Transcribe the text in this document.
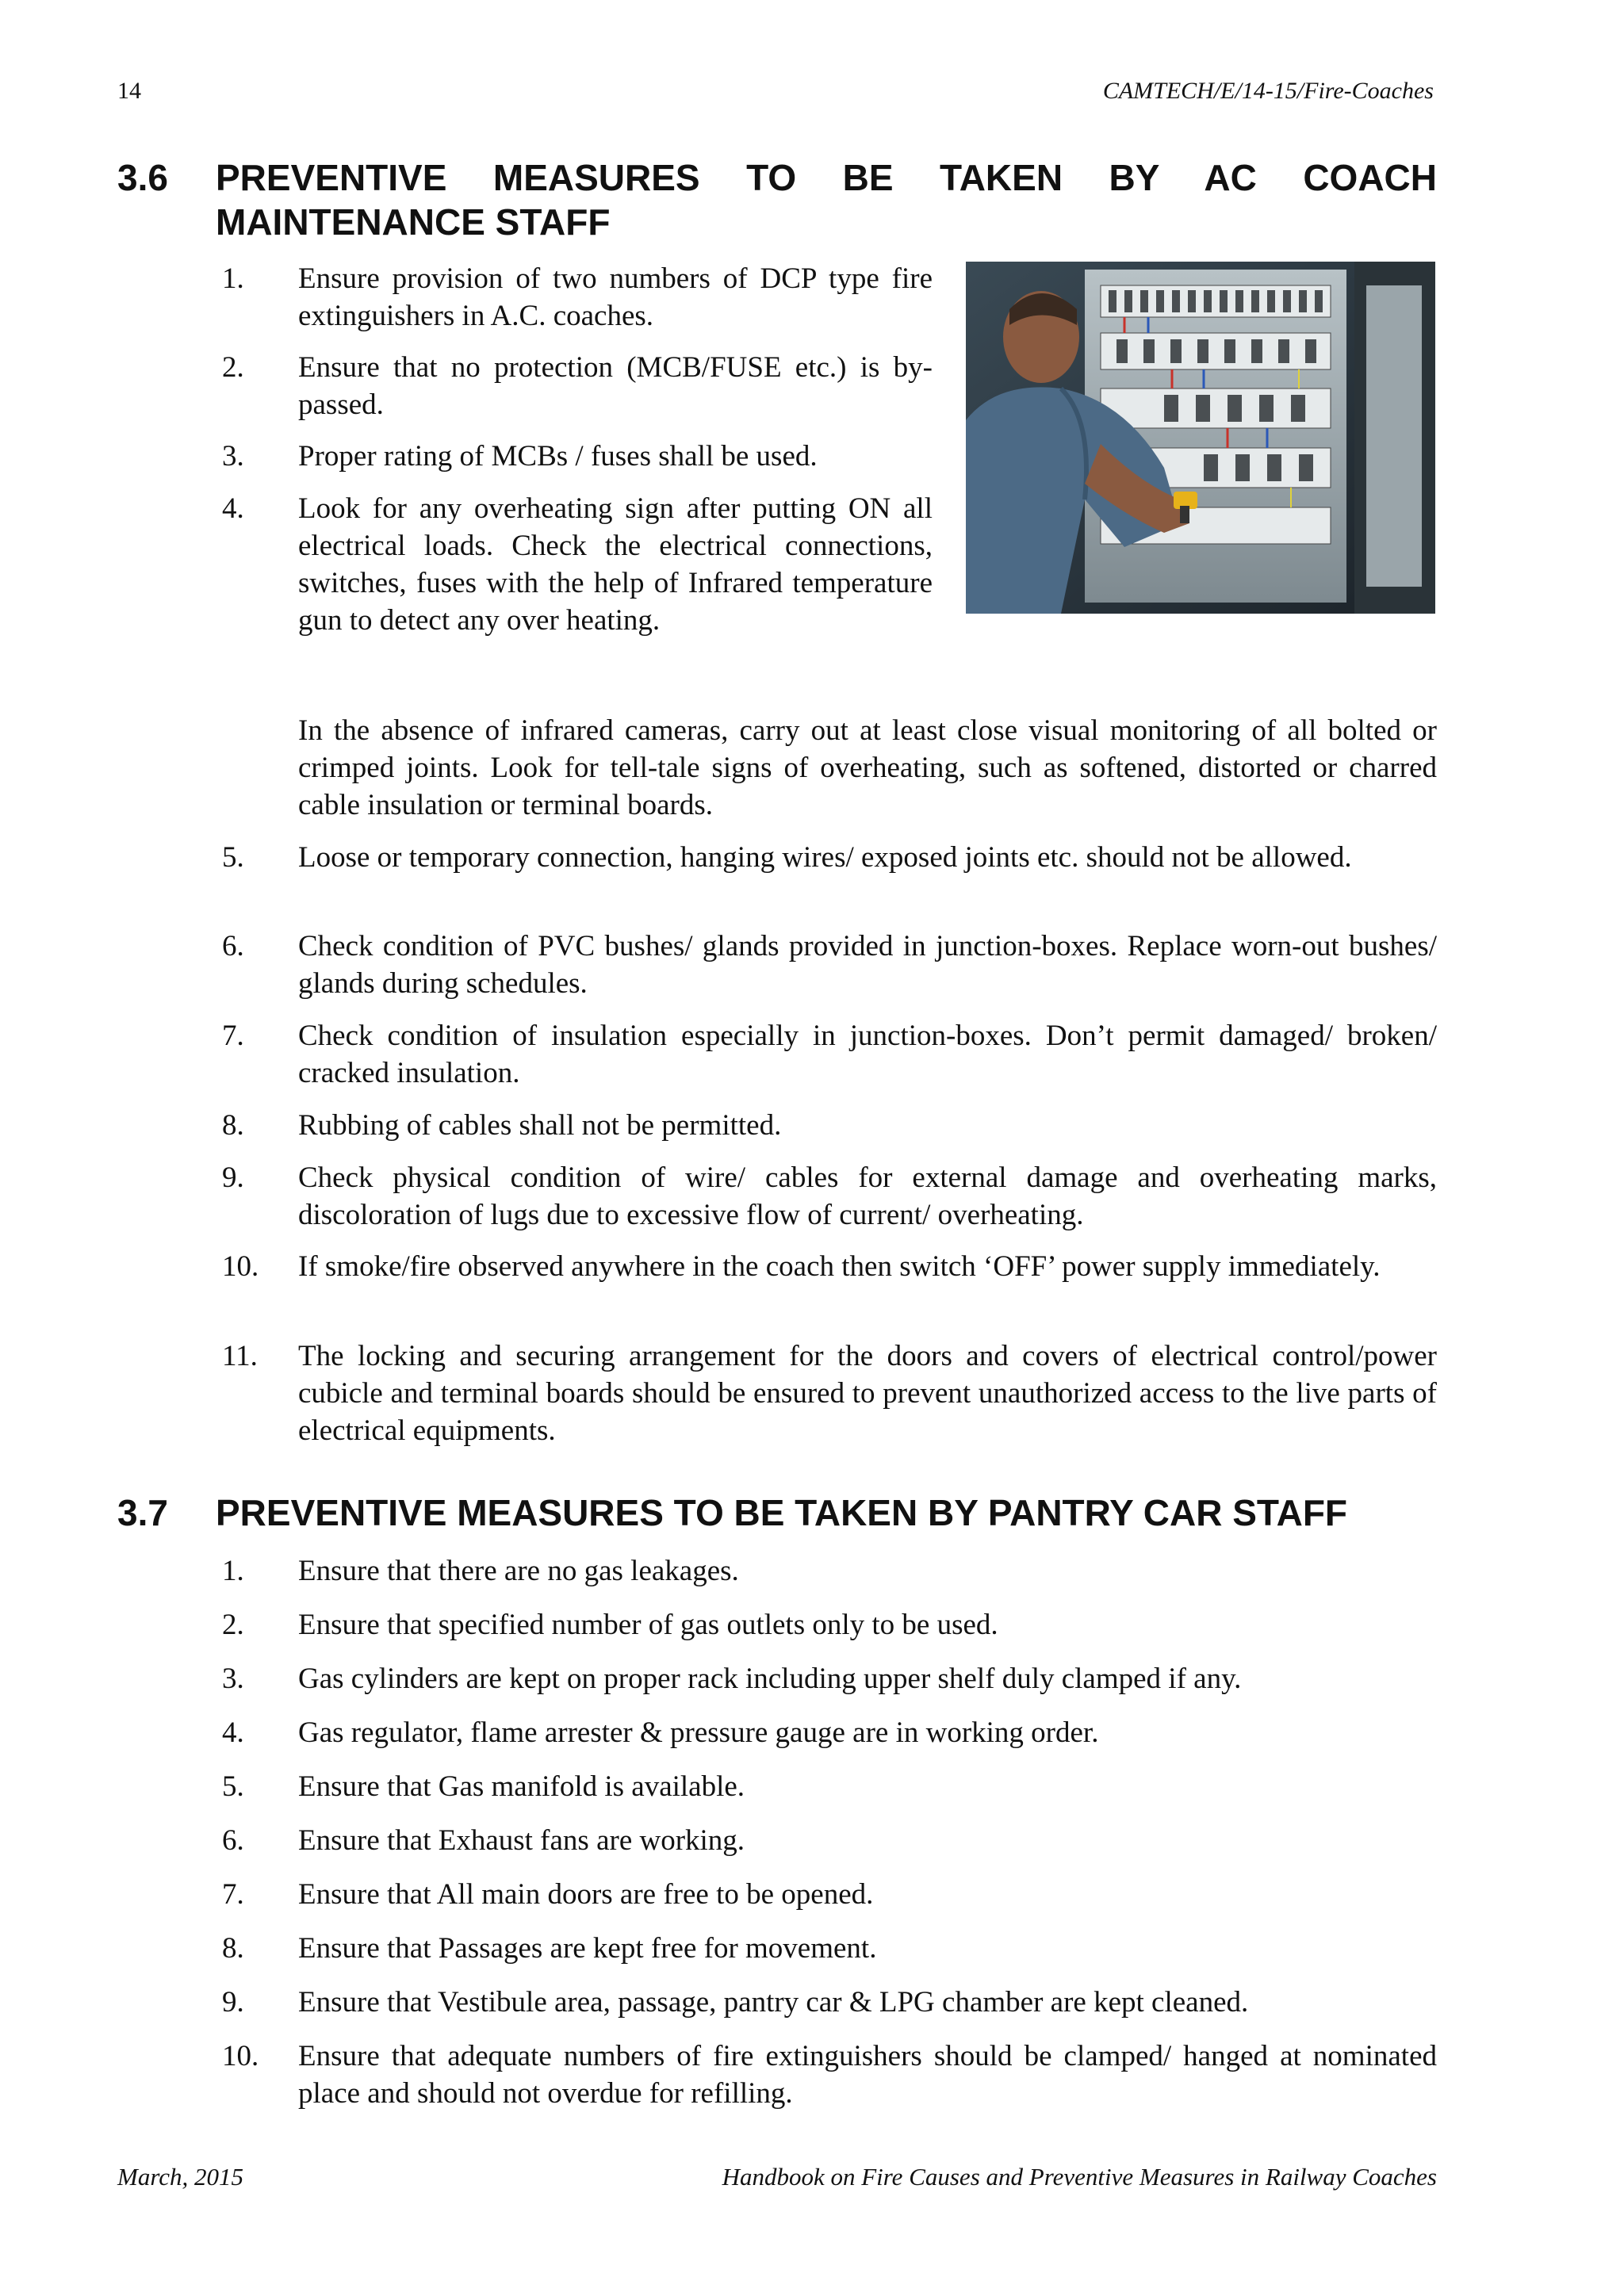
14	CAMTECH/E/14-15/Fire-Coaches
3.6 PREVENTIVE MEASURES TO BE TAKEN BY AC COACH
MAINTENANCE STAFF
1. Ensure provision of two numbers of DCP type fire extinguishers in A.C. coaches.
2. Ensure that no protection (MCB/FUSE etc.) is by-passed.
3. Proper rating of MCBs / fuses shall be used.
4. Look for any overheating sign after putting ON all electrical loads. Check the electrical connections, switches, fuses with the help of Infrared temperature gun to detect any over heating.
In the absence of infrared cameras, carry out at least close visual monitoring of all bolted or crimped joints. Look for tell-tale signs of overheating, such as softened, distorted or charred cable insulation or terminal boards.
5. Loose or temporary connection, hanging wires/ exposed joints etc. should not be allowed.
6. Check condition of PVC bushes/ glands provided in junction-boxes. Replace worn-out bushes/ glands during schedules.
7. Check condition of insulation especially in junction-boxes. Don’t permit damaged/ broken/ cracked insulation.
8. Rubbing of cables shall not be permitted.
9. Check physical condition of wire/ cables for external damage and overheating marks, discoloration of lugs due to excessive flow of current/ overheating.
10. If smoke/fire observed anywhere in the coach then switch ‘OFF’ power supply immediately.
11. The locking and securing arrangement for the doors and covers of electrical control/power cubicle and terminal boards should be ensured to prevent unauthorized access to the live parts of electrical equipments.
3.7 PREVENTIVE MEASURES TO BE TAKEN BY PANTRY CAR STAFF
1. Ensure that there are no gas leakages.
2. Ensure that specified number of gas outlets only to be used.
3. Gas cylinders are kept on proper rack including upper shelf duly clamped if any.
4. Gas regulator, flame arrester & pressure gauge are in working order.
5. Ensure that Gas manifold is available.
6. Ensure that Exhaust fans are working.
7. Ensure that All main doors are free to be opened.
8. Ensure that Passages are kept free for movement.
9. Ensure that Vestibule area, passage, pantry car & LPG chamber are kept cleaned.
10. Ensure that adequate numbers of fire extinguishers should be clamped/ hanged at nominated place and should not overdue for refilling.
March, 2015	Handbook on Fire Causes and Preventive Measures in Railway Coaches
